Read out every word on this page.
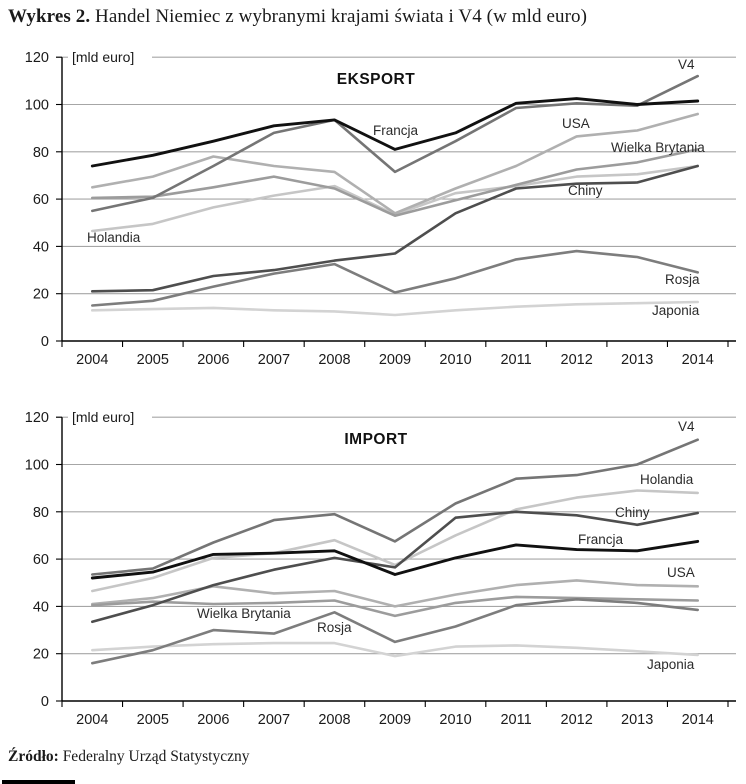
Wykres 2. Handel Niemiec z wybranymi krajami świata i V4 (w mld euro)
0
20
40
60
80
100
120
2004 2005 2006 2007 2008 2009 2010 2011 2012 2013 2014
[mld euro]
EKSPORT
Japonia
Holandia
USA
Wielka Brytania
Rosja
V4
Chiny
Francja
0
20
40
60
80
100
120
2004 2005 2006 2007 2008 2009 2010 2011 2012 2013 2014
[mld euro]
IMPORT
Japonia
Holandia
USA
Wielka Brytania
Rosja
V4
Chiny
Francja

Źródło: Federalny Urząd Statystyczny
